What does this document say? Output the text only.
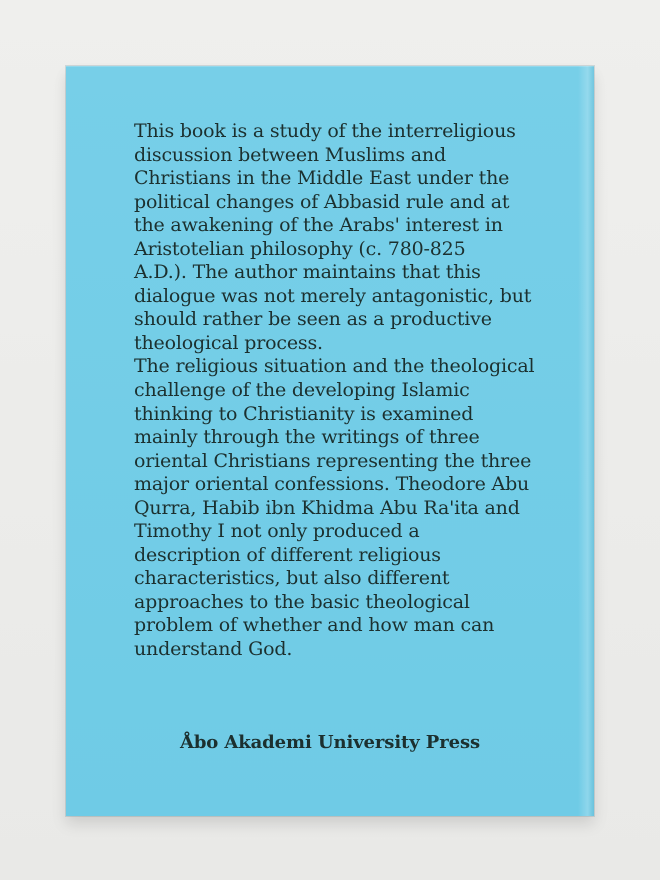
This book is a study of the interreligious
discussion between Muslims and
Christians in the Middle East under the
political changes of Abbasid rule and at
the awakening of the Arabs' interest in
Aristotelian philosophy (c. 780-825
A.D.). The author maintains that this
dialogue was not merely antagonistic, but
should rather be seen as a productive
theological process.
The religious situation and the theological
challenge of the developing Islamic
thinking to Christianity is examined
mainly through the writings of three
oriental Christians representing the three
major oriental confessions. Theodore Abu
Qurra, Habib ibn Khidma Abu Ra'ita and
Timothy I not only produced a
description of different religious
characteristics, but also different
approaches to the basic theological
problem of whether and how man can
understand God.
Åbo Akademi University Press
